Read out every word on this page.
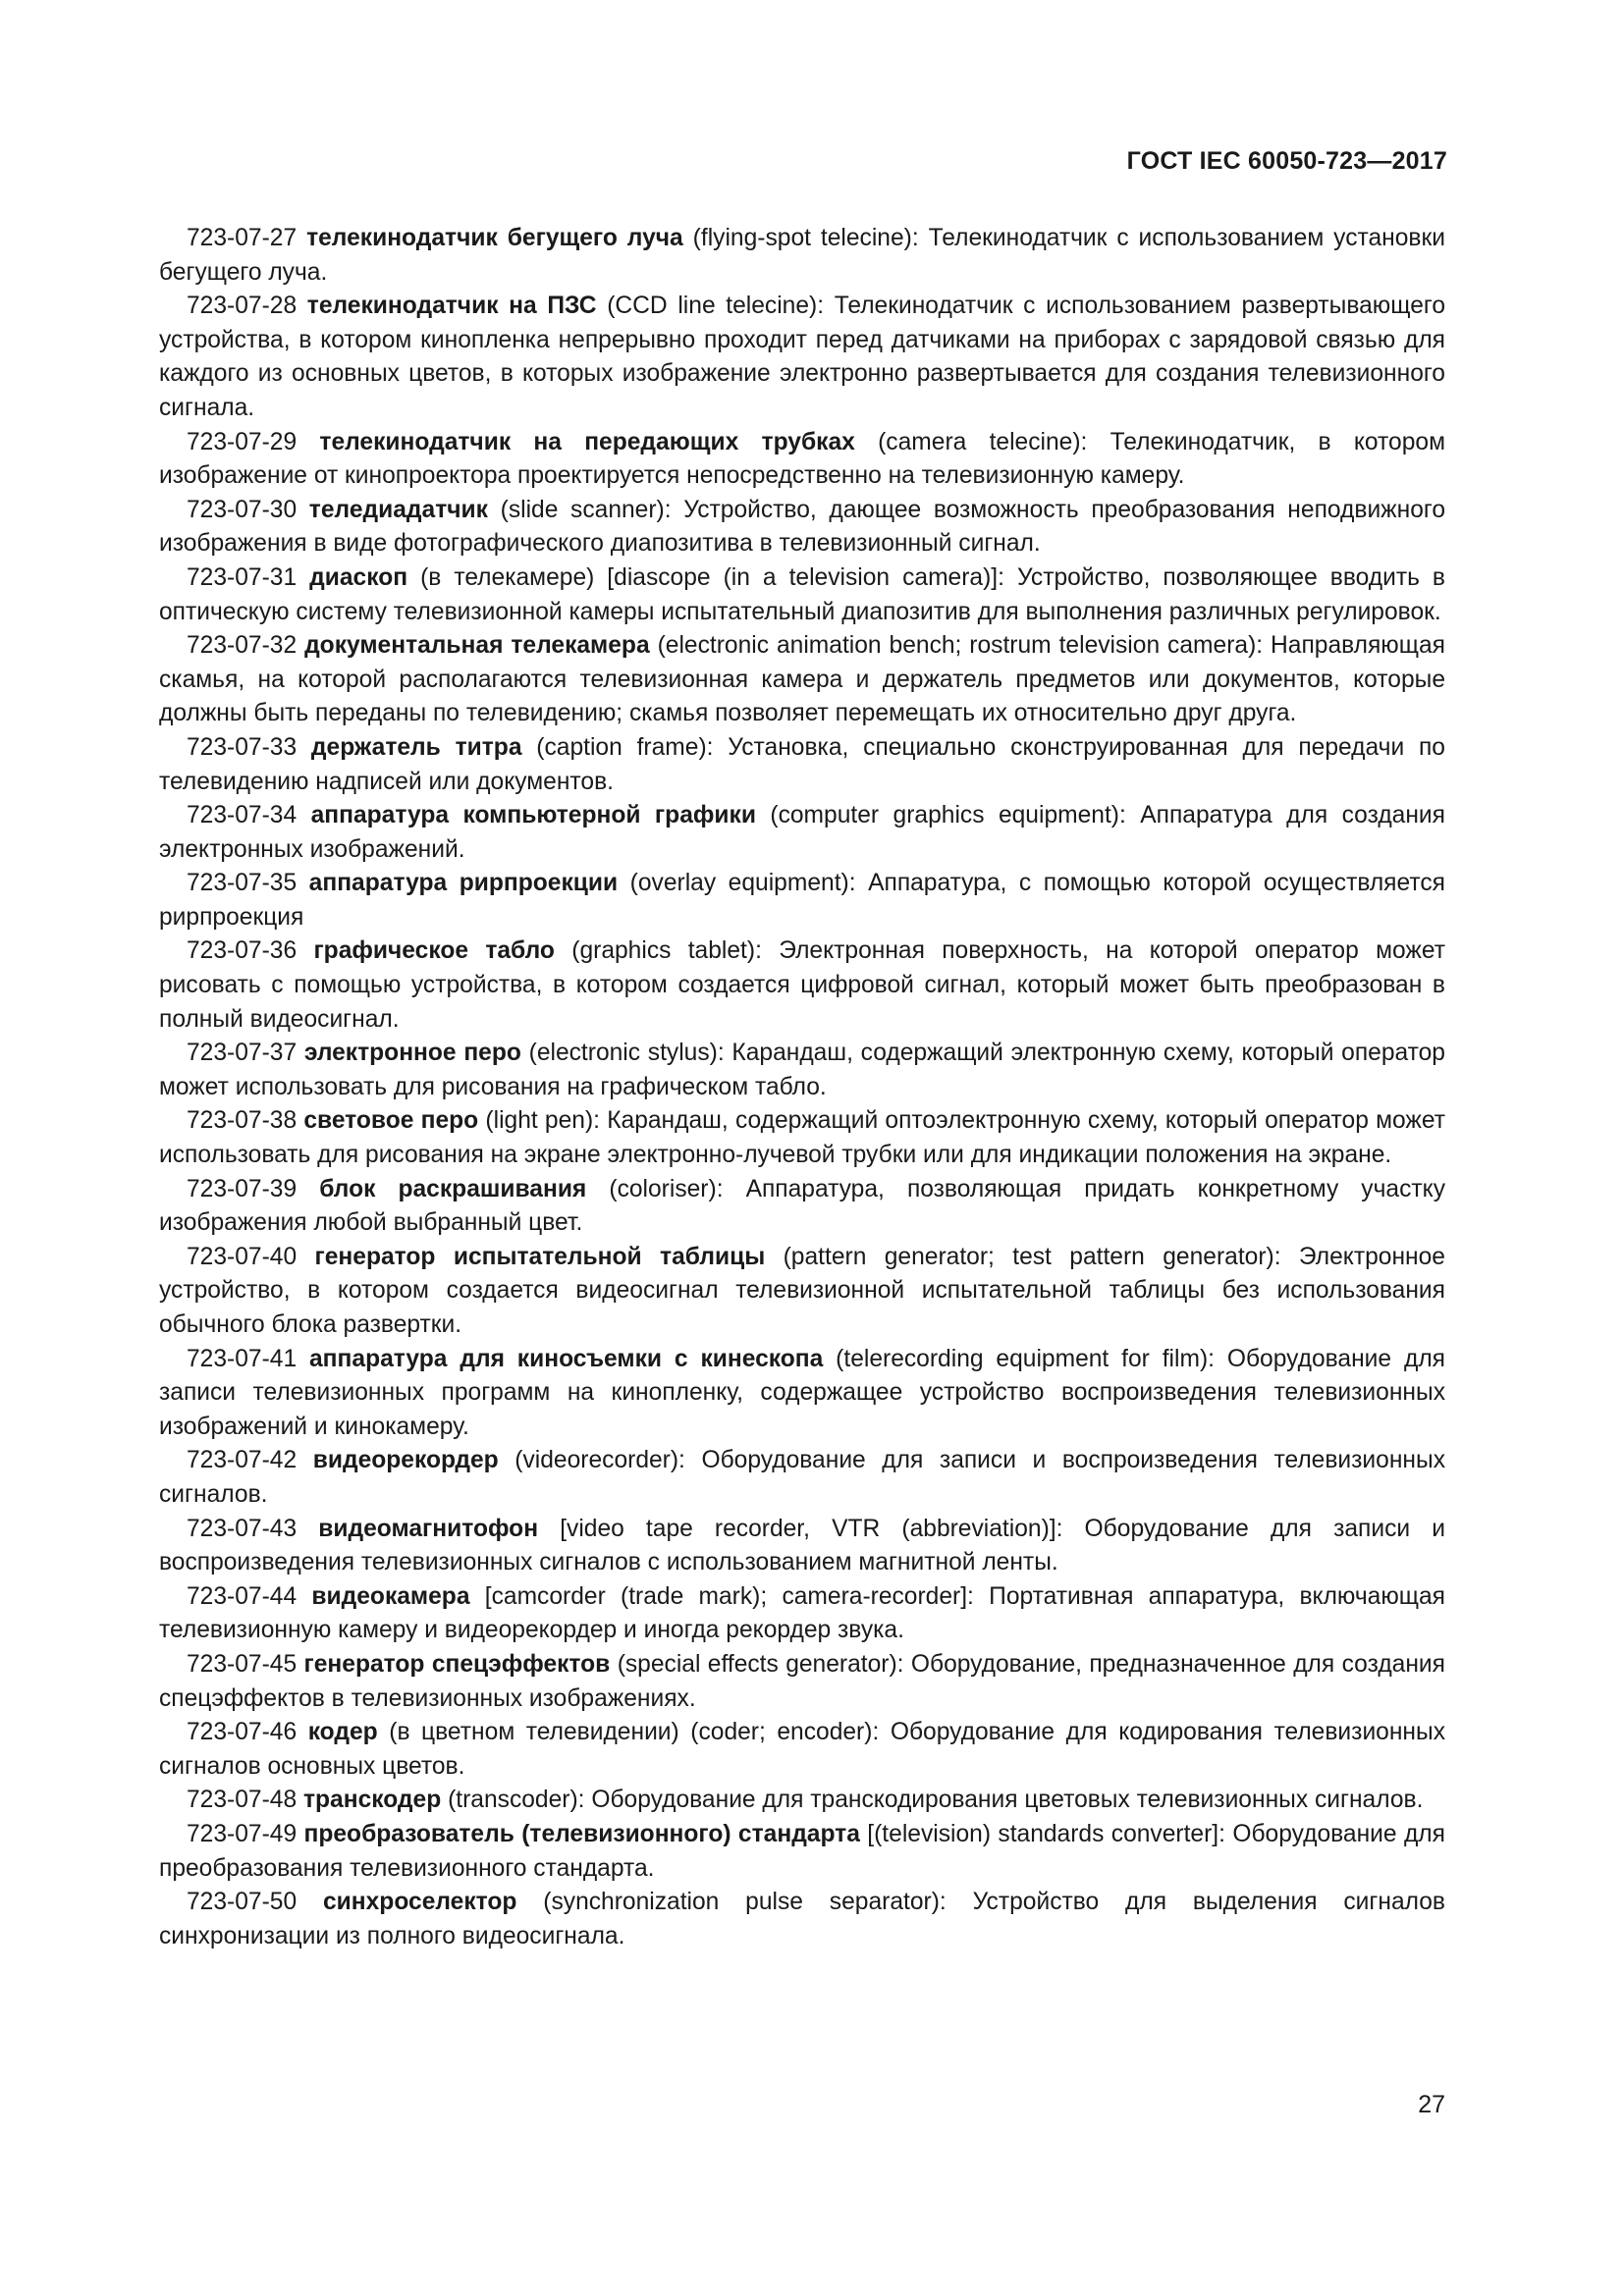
ГОСТ IEC 60050-723—2017

723-07-27 телекинодатчик бегущего луча (flying-spot telecine): Телекинодатчик с использованием установки бегущего луча.

723-07-28 телекинодатчик на ПЗС (CCD line telecine): Телекинодатчик с использованием развертывающего устройства, в котором кинопленка непрерывно проходит перед датчиками на приборах с зарядовой связью для каждого из основных цветов, в которых изображение электронно развертывается для создания телевизионного сигнала.

723-07-29 телекинодатчик на передающих трубках (camera telecine): Телекинодатчик, в котором изображение от кинопроектора проектируется непосредственно на телевизионную камеру.

723-07-30 теледиадатчик (slide scanner): Устройство, дающее возможность преобразования неподвижного изображения в виде фотографического диапозитива в телевизионный сигнал.

723-07-31 диаскоп (в телекамере) [diascope (in a television camera)]: Устройство, позволяющее вводить в оптическую систему телевизионной камеры испытательный диапозитив для выполнения различных регулировок.

723-07-32 документальная телекамера (electronic animation bench; rostrum television camera): Направляющая скамья, на которой располагаются телевизионная камера и держатель предметов или документов, которые должны быть переданы по телевидению; скамья позволяет перемещать их относительно друг друга.

723-07-33 держатель титра (caption frame): Установка, специально сконструированная для передачи по телевидению надписей или документов.

723-07-34 аппаратура компьютерной графики (computer graphics equipment): Аппаратура для создания электронных изображений.

723-07-35 аппаратура рирпроекции (overlay equipment): Аппаратура, с помощью которой осуществляется рирпроекция

723-07-36 графическое табло (graphics tablet): Электронная поверхность, на которой оператор может рисовать с помощью устройства, в котором создается цифровой сигнал, который может быть преобразован в полный видеосигнал.

723-07-37 электронное перо (electronic stylus): Карандаш, содержащий электронную схему, который оператор может использовать для рисования на графическом табло.

723-07-38 световое перо (light pen): Карандаш, содержащий оптоэлектронную схему, который оператор может использовать для рисования на экране электронно-лучевой трубки или для индикации положения на экране.

723-07-39 блок раскрашивания (coloriser): Аппаратура, позволяющая придать конкретному участку изображения любой выбранный цвет.

723-07-40 генератор испытательной таблицы (pattern generator; test pattern generator): Электронное устройство, в котором создается видеосигнал телевизионной испытательной таблицы без использования обычного блока развертки.

723-07-41 аппаратура для киносъемки с кинескопа (telerecording equipment for film): Оборудование для записи телевизионных программ на кинопленку, содержащее устройство воспроизведения телевизионных изображений и кинокамеру.

723-07-42 видеорекордер (videorecorder): Оборудование для записи и воспроизведения телевизионных сигналов.

723-07-43 видеомагнитофон [video tape recorder, VTR (abbreviation)]: Оборудование для записи и воспроизведения телевизионных сигналов с использованием магнитной ленты.

723-07-44 видеокамера [camcorder (trade mark); camera-recorder]: Портативная аппаратура, включающая телевизионную камеру и видеорекордер и иногда рекордер звука.

723-07-45 генератор спецэффектов (special effects generator): Оборудование, предназначенное для создания спецэффектов в телевизионных изображениях.

723-07-46 кодер (в цветном телевидении) (coder; encoder): Оборудование для кодирования телевизионных сигналов основных цветов.

723-07-48 транскодер (transcoder): Оборудование для транскодирования цветовых телевизионных сигналов.

723-07-49 преобразователь (телевизионного) стандарта [(television) standards converter]: Оборудование для преобразования телевизионного стандарта.

723-07-50 синхроселектор (synchronization pulse separator): Устройство для выделения сигналов синхронизации из полного видеосигнала.

27
